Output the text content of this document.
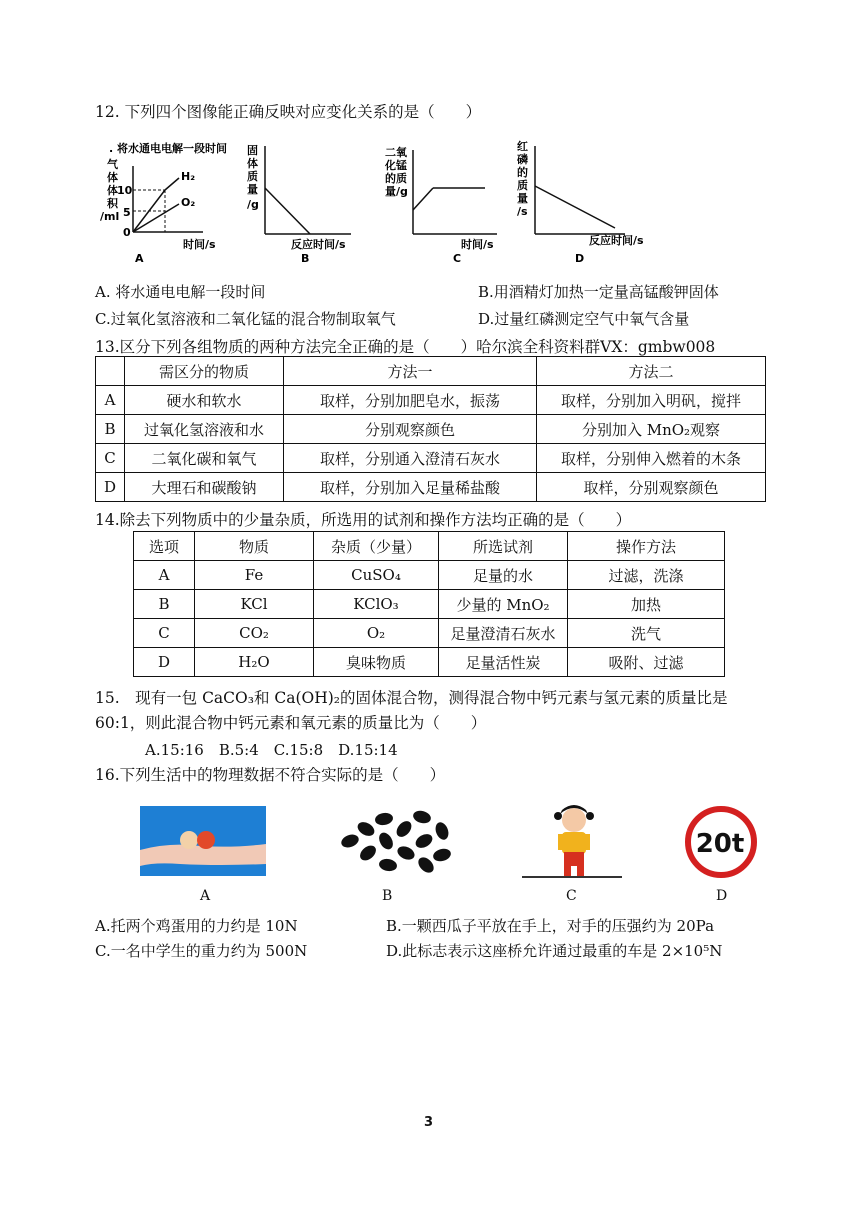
12. 下列四个图像能正确反映对应变化关系的是（　　）
. 将水通电电解一段时间
气
体
体
积
/ml
10
5
0
H₂
O₂
时间/s
A
固
体
质
量
/g
反应时间/s
B
二氧
化锰
的质
量/g
时间/s
C
红
磷
的
质
量
/s
反应时间/s
D
A. 将水通电电解一段时间	B.用酒精灯加热一定量高锰酸钾固体
C.过氧化氢溶液和二氧化锰的混合物制取氧气	D.过量红磷测定空气中氧气含量
13.区分下列各组物质的两种方法完全正确的是（　　）哈尔滨全科资料群VX：gmbw008
	需区分的物质	方法一	方法二
A	硬水和软水	取样，分别加肥皂水，振荡	取样，分别加入明矾，搅拌
B	过氧化氢溶液和水	分别观察颜色	分别加入 MnO₂观察
C	二氧化碳和氧气	取样，分别通入澄清石灰水	取样，分别伸入燃着的木条
D	大理石和碳酸钠	取样，分别加入足量稀盐酸	取样，分别观察颜色
14.除去下列物质中的少量杂质，所选用的试剂和操作方法均正确的是（　　）
选项	物质	杂质（少量）	所选试剂	操作方法
A	Fe	CuSO₄	足量的水	过滤，洗涤
B	KCl	KClO₃	少量的 MnO₂	加热
C	CO₂	O₂	足量澄清石灰水	洗气
D	H₂O	臭味物质	足量活性炭	吸附、过滤
15.　现有一包 CaCO₃和 Ca(OH)₂的固体混合物，测得混合物中钙元素与氢元素的质量比是
60:1，则此混合物中钙元素和氧元素的质量比为（　　）
A.15:16　B.5:4　C.15:8　D.15:14
16.下列生活中的物理数据不符合实际的是（　　）
20t
A	B	C	D
A.托两个鸡蛋用的力约是 10N	B.一颗西瓜子平放在手上，对手的压强约为 20Pa
C.一名中学生的重力约为 500N	D.此标志表示这座桥允许通过最重的车是 2×10⁵N
3
